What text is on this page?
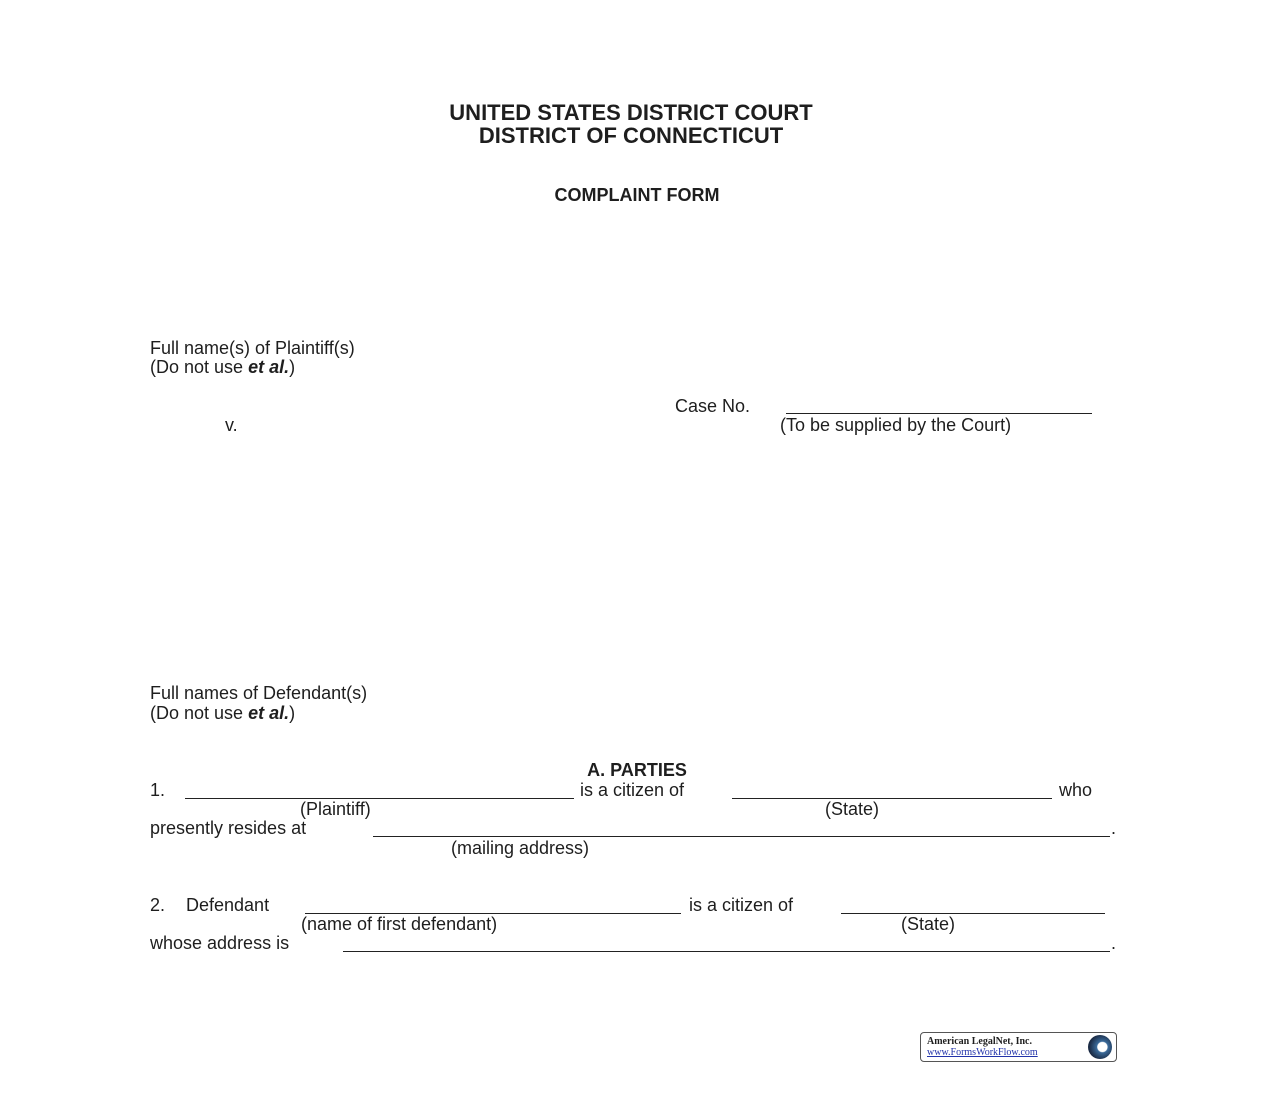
UNITED STATES DISTRICT COURT
DISTRICT OF CONNECTICUT
COMPLAINT FORM
Full name(s) of Plaintiff(s)
(Do not use et al.)
Case No.
v.	(To be supplied by the Court)
Full names of Defendant(s)
(Do not use et al.)
A. PARTIES
1.	is a citizen of	who
(Plaintiff)	(State)
presently resides at	.
(mailing address)
2. Defendant	is a citizen of
(name of first defendant)	(State)
whose address is	.
American LegalNet, Inc.
www.FormsWorkFlow.com
